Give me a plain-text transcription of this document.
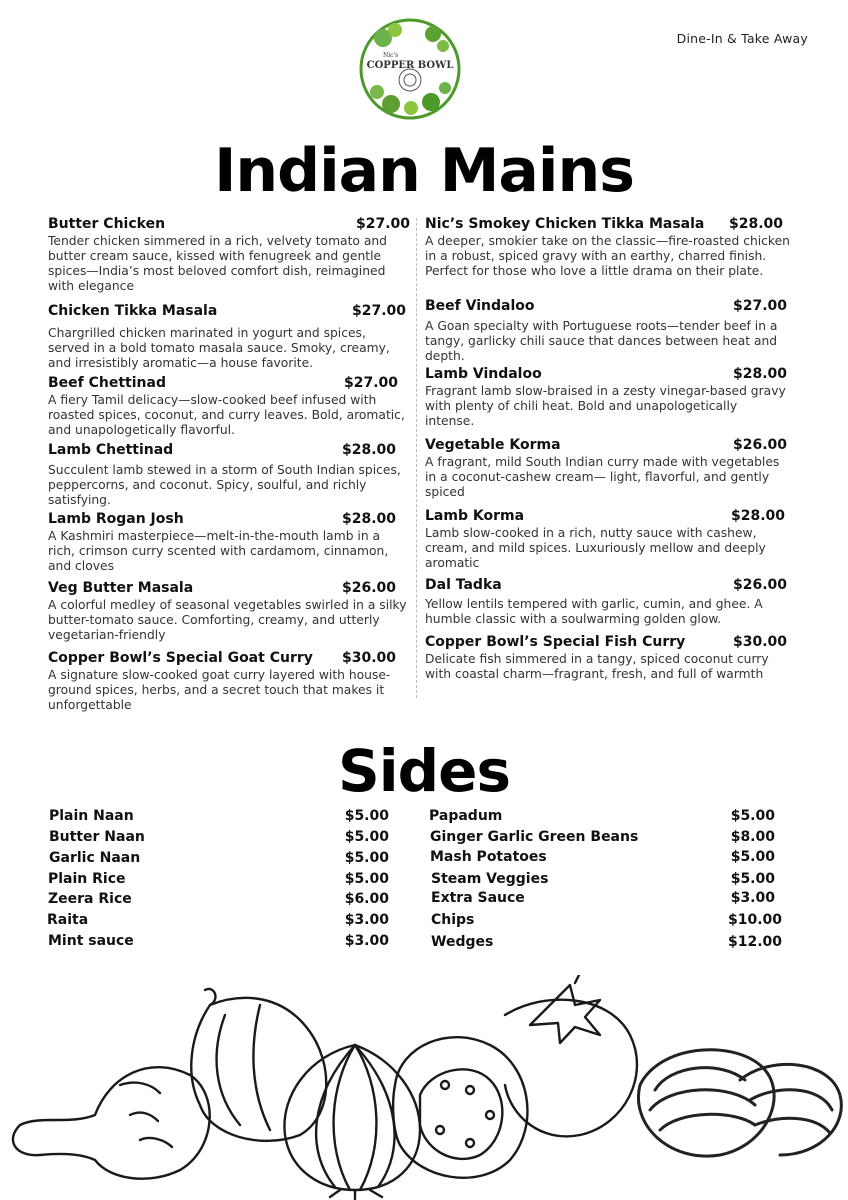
Nic's
COPPER BOWL
Dine-In & Take Away
Indian Mains
Butter Chicken	$27.00
Tender chicken simmered in a rich, velvety tomato and butter cream sauce, kissed with fenugreek and gentle spices—India’s most beloved comfort dish, reimagined with elegance
Chicken Tikka Masala	$27.00
Chargrilled chicken marinated in yogurt and spices, served in a bold tomato masala sauce. Smoky, creamy, and irresistibly aromatic—a house favorite.
Beef Chettinad	$27.00
A fiery Tamil delicacy—slow-cooked beef infused with roasted spices, coconut, and curry leaves. Bold, aromatic, and unapologetically flavorful.
Lamb Chettinad	$28.00
Succulent lamb stewed in a storm of South Indian spices, peppercorns, and coconut. Spicy, soulful, and richly satisfying.
Lamb Rogan Josh	$28.00
A Kashmiri masterpiece—melt-in-the-mouth lamb in a rich, crimson curry scented with cardamom, cinnamon, and cloves
Veg Butter Masala	$26.00
A colorful medley of seasonal vegetables swirled in a silky butter-tomato sauce. Comforting, creamy, and utterly vegetarian-friendly
Copper Bowl’s Special Goat Curry $30.00
A signature slow-cooked goat curry layered with house-ground spices, herbs, and a secret touch that makes it unforgettable
Nic’s Smokey Chicken Tikka Masala $28.00
A deeper, smokier take on the classic—fire-roasted chicken in a robust, spiced gravy with an earthy, charred finish. Perfect for those who love a little drama on their plate.
Beef Vindaloo	$27.00
A Goan specialty with Portuguese roots—tender beef in a tangy, garlicky chili sauce that dances between heat and depth.
Lamb Vindaloo	$28.00
Fragrant lamb slow-braised in a zesty vinegar-based gravy with plenty of chili heat. Bold and unapologetically intense.
Vegetable Korma	$26.00
A fragrant, mild South Indian curry made with vegetables in a coconut-cashew cream— light, flavorful, and gently spiced
Lamb Korma	$28.00
Lamb slow-cooked in a rich, nutty sauce with cashew, cream, and mild spices. Luxuriously mellow and deeply aromatic
Dal Tadka	$26.00
Yellow lentils tempered with garlic, cumin, and ghee. A humble classic with a soulwarming golden glow.
Copper Bowl’s Special Fish Curry	$30.00
Delicate fish simmered in a tangy, spiced coconut curry with coastal charm—fragrant, fresh, and full of warmth
Sides
Plain Naan	$5.00
Butter Naan	$5.00
Garlic Naan	$5.00
Plain Rice	$5.00
Zeera Rice	$6.00
Raita	$3.00
Mint sauce	$3.00
Papadum	$5.00
Ginger Garlic Green Beans	$8.00
Mash Potatoes	$5.00
Steam Veggies	$5.00
Extra Sauce	$3.00
Chips	$10.00
Wedges	$12.00
